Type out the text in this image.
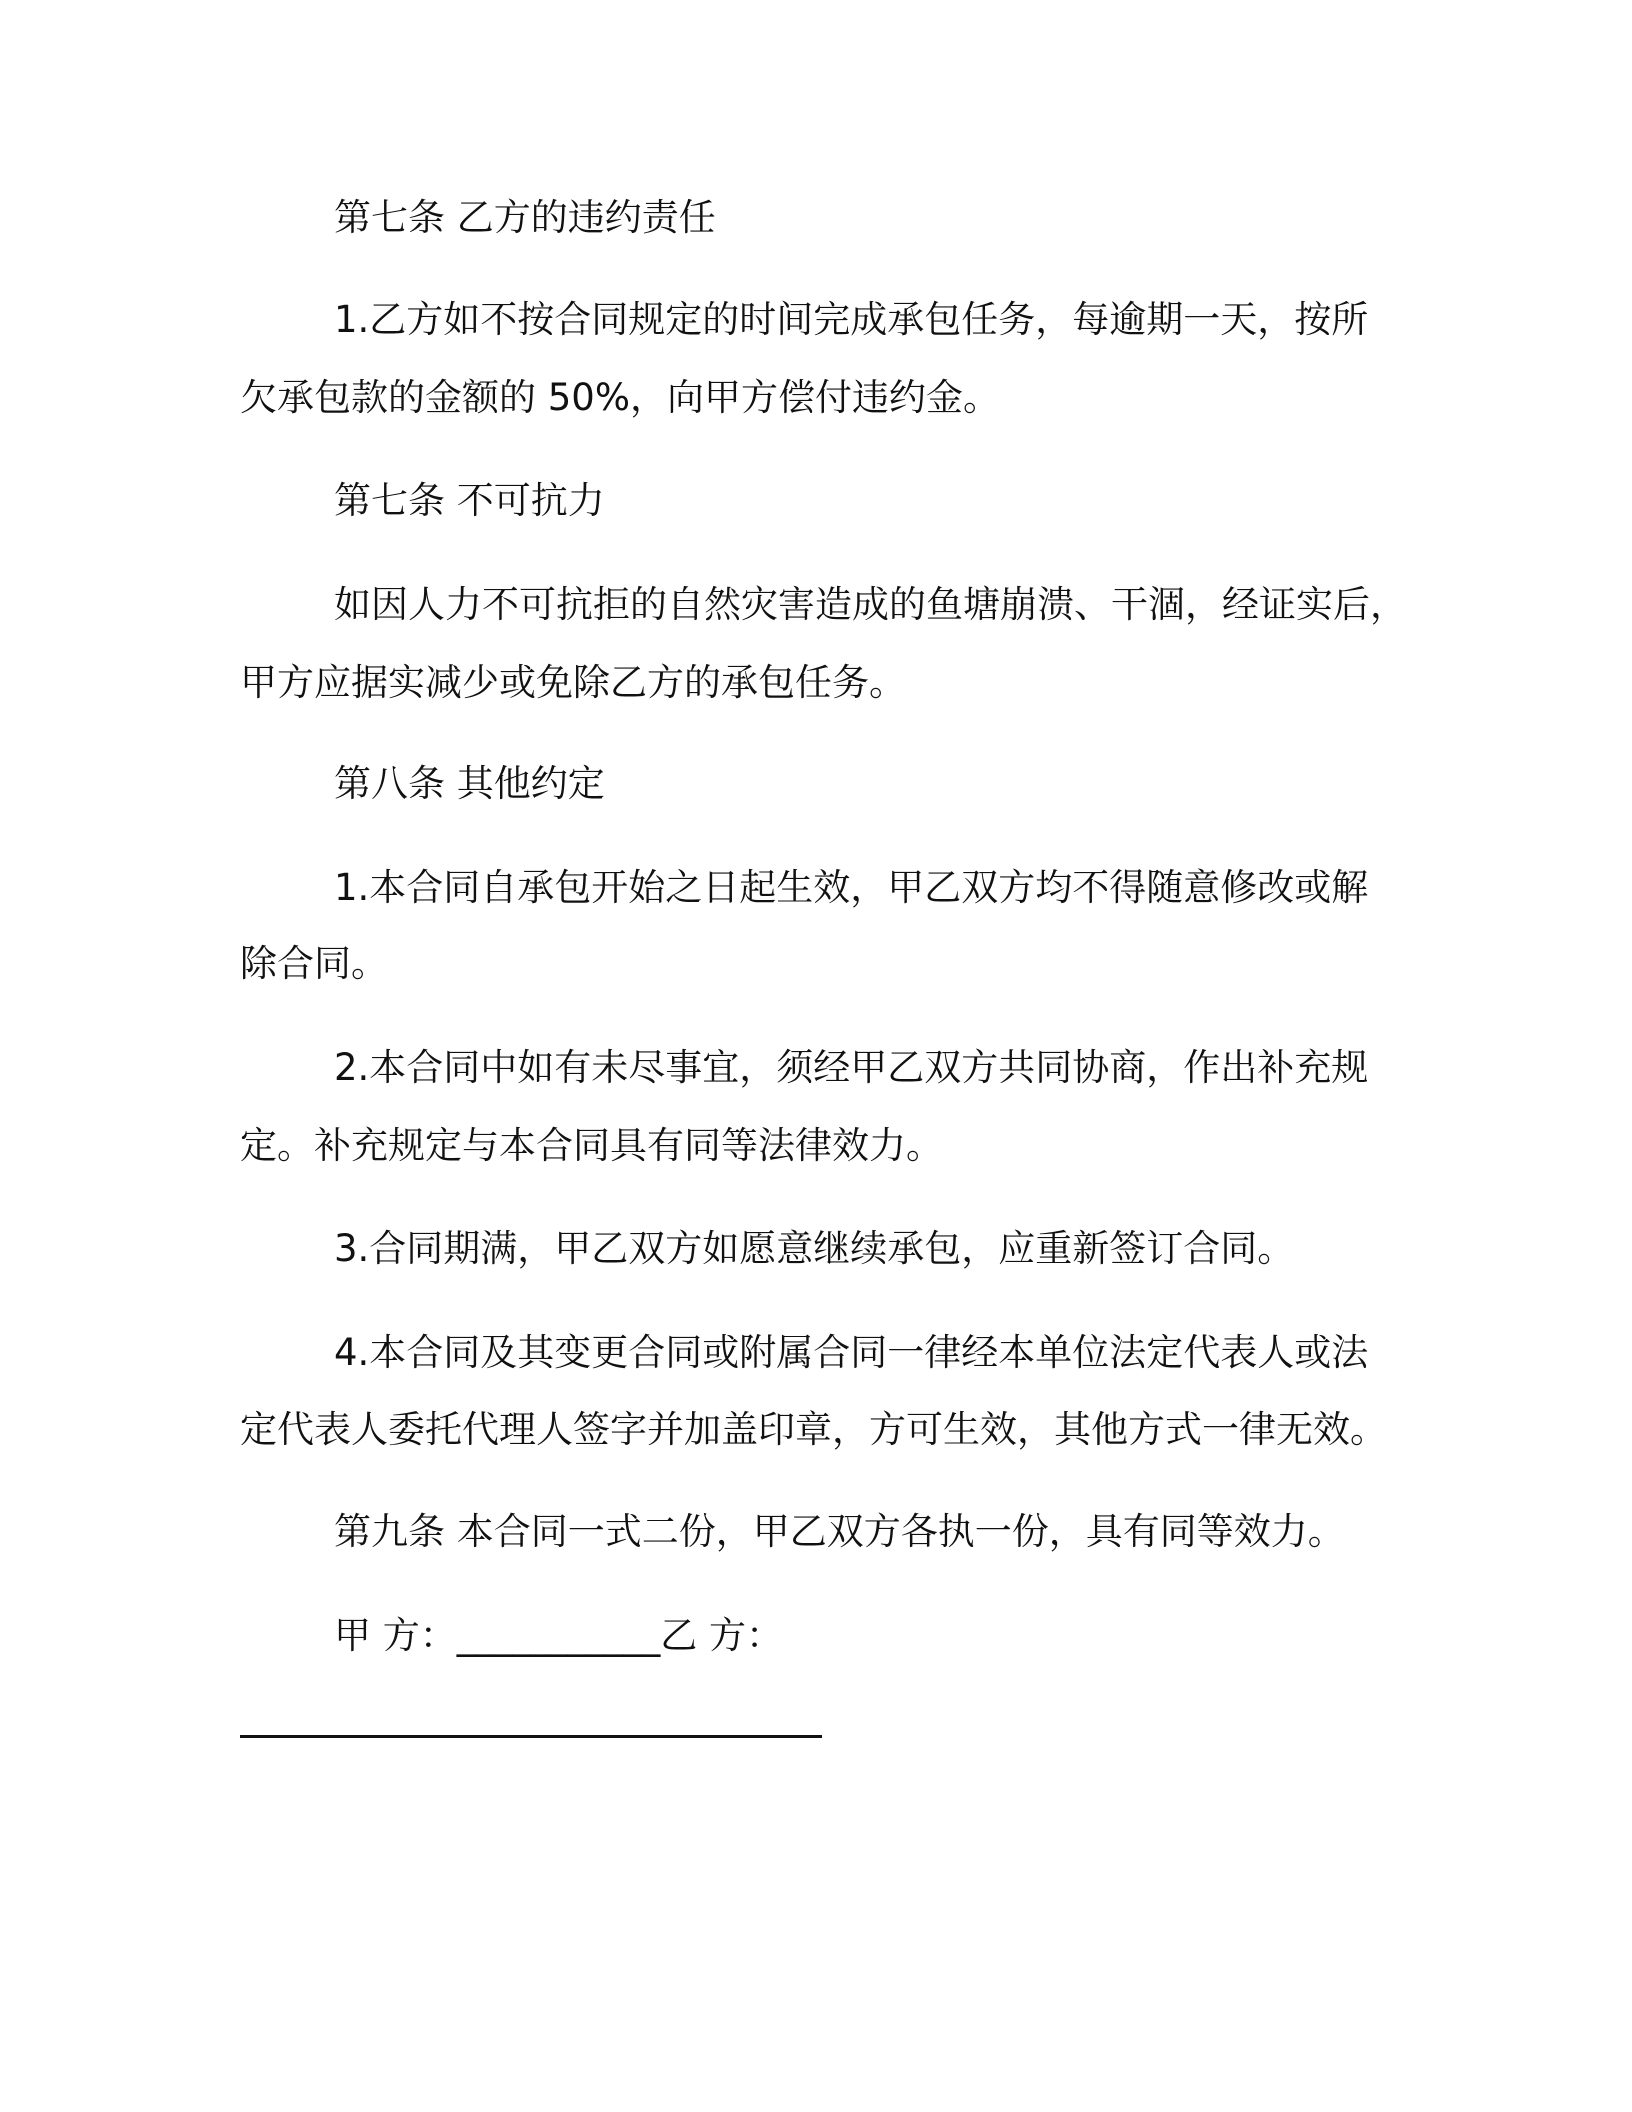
第七条 乙方的违约责任
1.乙方如不按合同规定的时间完成承包任务，每逾期一天，按所
欠承包款的金额的 50%，向甲方偿付违约金。
第七条 不可抗力
如因人力不可抗拒的自然灾害造成的鱼塘崩溃、干涸，经证实后，
甲方应据实减少或免除乙方的承包任务。
第八条 其他约定
1.本合同自承包开始之日起生效，甲乙双方均不得随意修改或解
除合同。
2.本合同中如有未尽事宜，须经甲乙双方共同协商，作出补充规
定。补充规定与本合同具有同等法律效力。
3.合同期满，甲乙双方如愿意继续承包，应重新签订合同。
4.本合同及其变更合同或附属合同一律经本单位法定代表人或法
定代表人委托代理人签字并加盖印章，方可生效，其他方式一律无效。
第九条 本合同一式二份，甲乙双方各执一份，具有同等效力。
甲 方：___________乙 方：
